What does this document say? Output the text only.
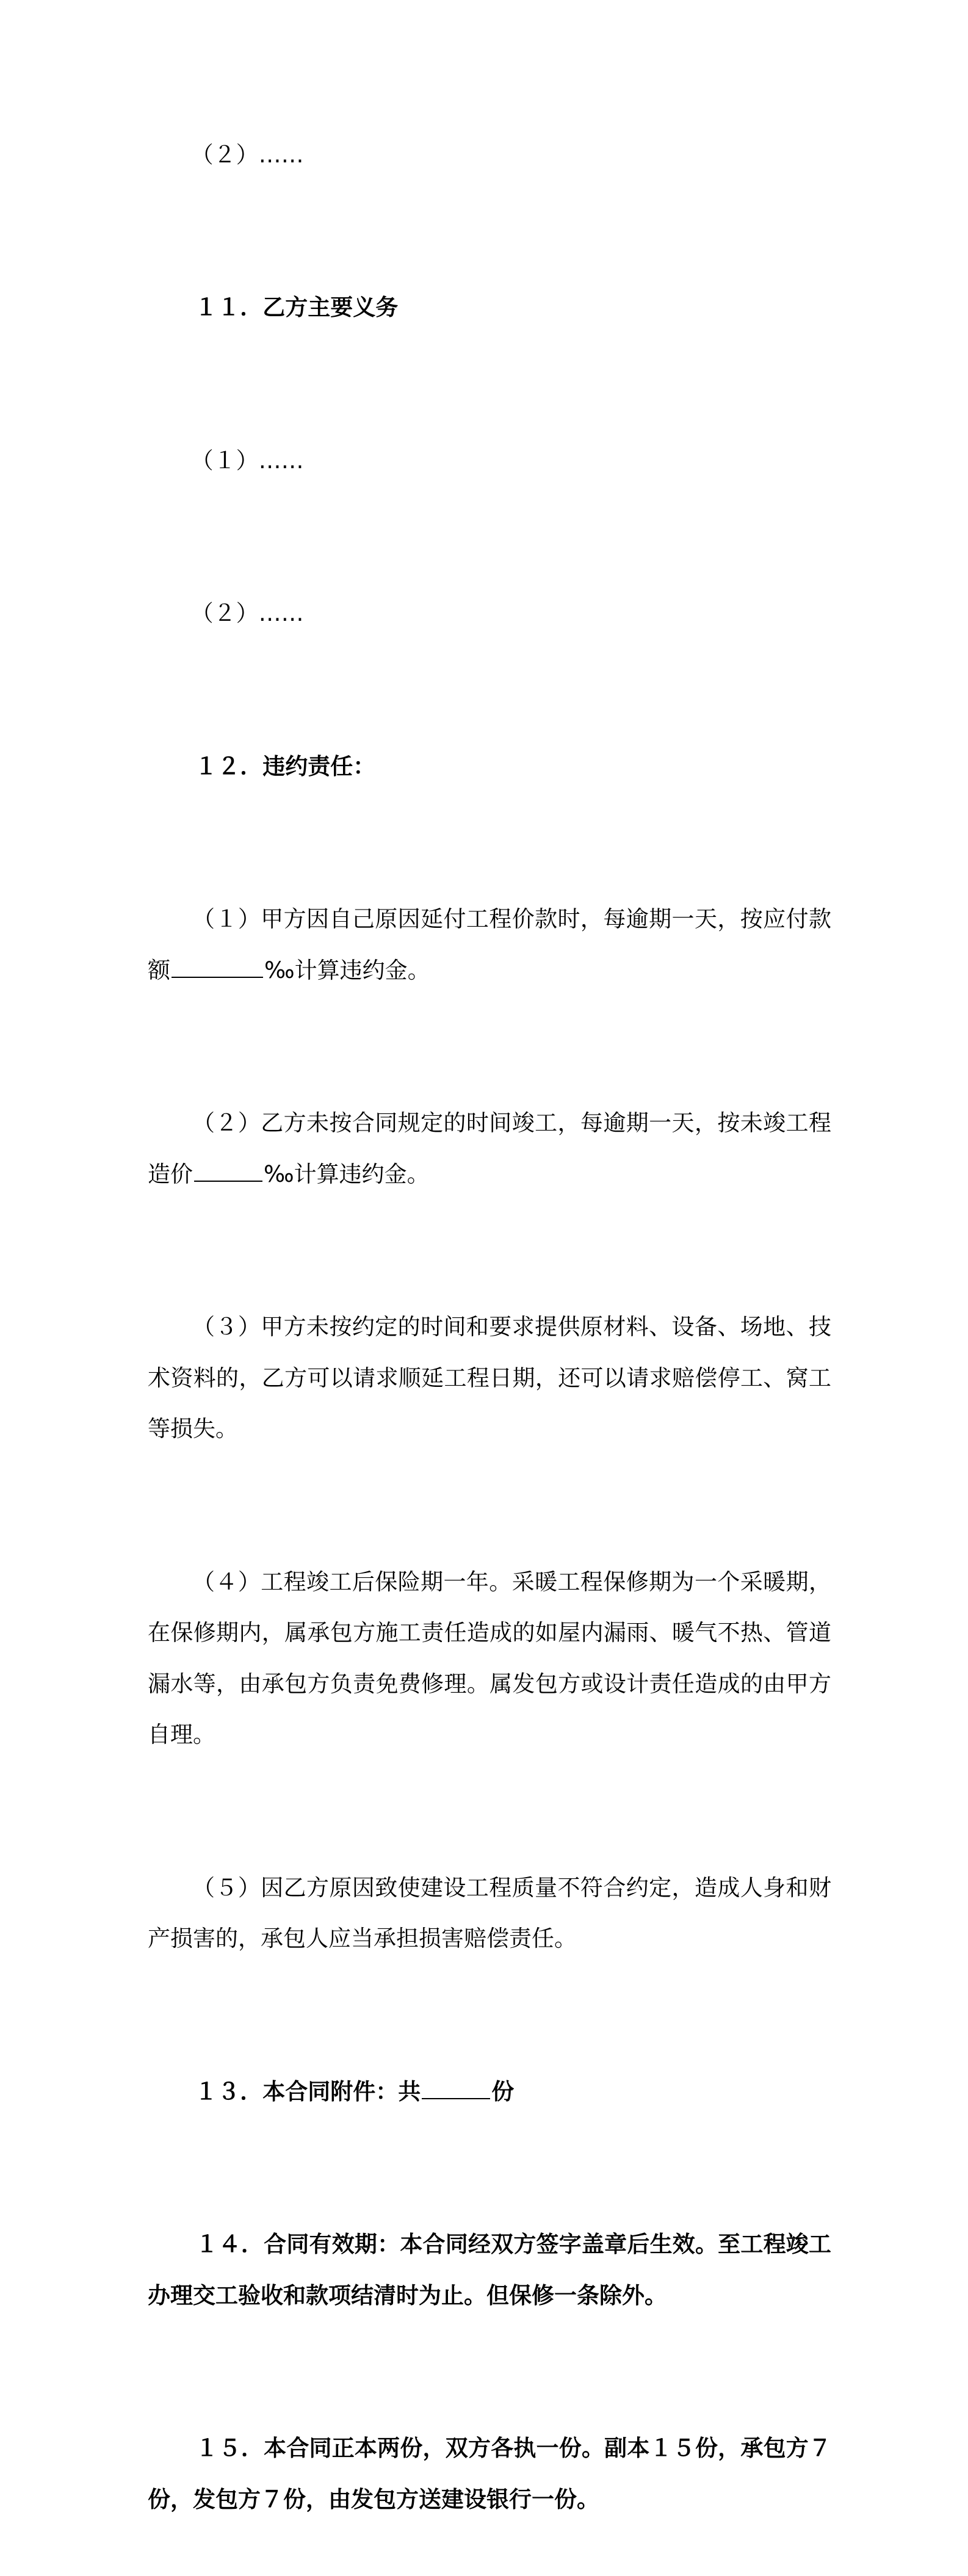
（２）……

１１．乙方主要义务

（１）……

（２）……

１２．违约责任：

（１）甲方因自己原因延付工程价款时，每逾期一天，按应付款额	‰计算违约金。

（２）乙方未按合同规定的时间竣工，每逾期一天，按未竣工程造价	‰计算违约金。

（３）甲方未按约定的时间和要求提供原材料、设备、场地、技术资料的，乙方可以请求顺延工程日期，还可以请求赔偿停工、窝工等损失。

（４）工程竣工后保险期一年。采暖工程保修期为一个采暖期，在保修期内，属承包方施工责任造成的如屋内漏雨、暖气不热、管道漏水等，由承包方负责免费修理。属发包方或设计责任造成的由甲方自理。

（５）因乙方原因致使建设工程质量不符合约定，造成人身和财产损害的，承包人应当承担损害赔偿责任。

１３．本合同附件：共	份

１４．合同有效期：本合同经双方签字盖章后生效。至工程竣工办理交工验收和款项结清时为止。但保修一条除外。

１５．本合同正本两份，双方各执一份。副本１５份，承包方７份，发包方７份，由发包方送建设银行一份。
